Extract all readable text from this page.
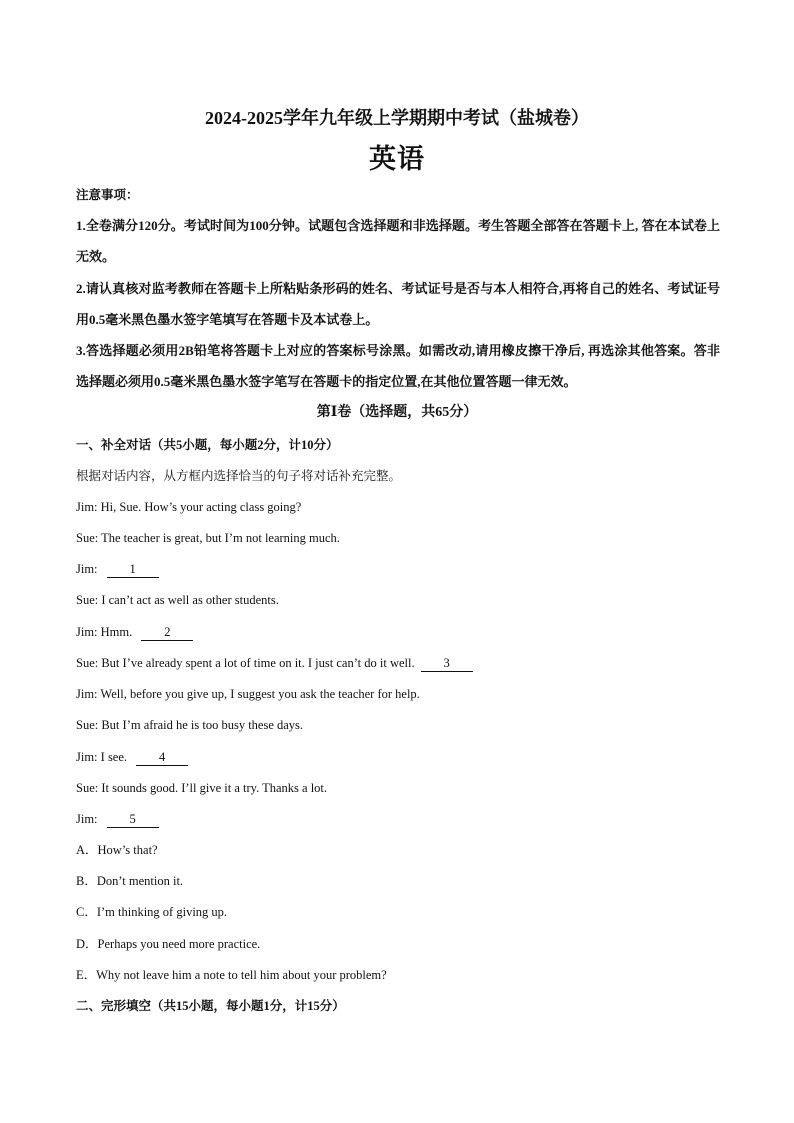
2024-2025学年九年级上学期期中考试（盐城卷）
英语
注意事项：
1.全卷满分120分。考试时间为100分钟。试题包含选择题和非选择题。考生答题全部答在答题卡上, 答在本试卷上无效。
2.请认真核对监考教师在答题卡上所粘贴条形码的姓名、考试证号是否与本人相符合,再将自己的姓名、考试证号用0.5毫米黑色墨水签字笔填写在答题卡及本试卷上。
3.答选择题必须用2B铅笔将答题卡上对应的答案标号涂黑。如需改动,请用橡皮擦干净后, 再选涂其他答案。答非选择题必须用0.5毫米黑色墨水签字笔写在答题卡的指定位置,在其他位置答题一律无效。
第Ⅰ卷（选择题，共65分）
一、补全对话（共5小题，每小题2分，计10分）
根据对话内容，从方框内选择恰当的句子将对话补充完整。
Jim: Hi, Sue. How’s your acting class going?
Sue: The teacher is great, but I’m not learning much.
Jim: 1
Sue: I can’t act as well as other students.
Jim: Hmm. 2
Sue: But I’ve already spent a lot of time on it. I just can’t do it well. 3
Jim: Well, before you give up, I suggest you ask the teacher for help.
Sue: But I’m afraid he is too busy these days.
Jim: I see. 4
Sue: It sounds good. I’ll give it a try. Thanks a lot.
Jim: 5
A．How’s that?
B．Don’t mention it.
C．I’m thinking of giving up.
D．Perhaps you need more practice.
E．Why not leave him a note to tell him about your problem?
二、完形填空（共15小题，每小题1分，计15分）
